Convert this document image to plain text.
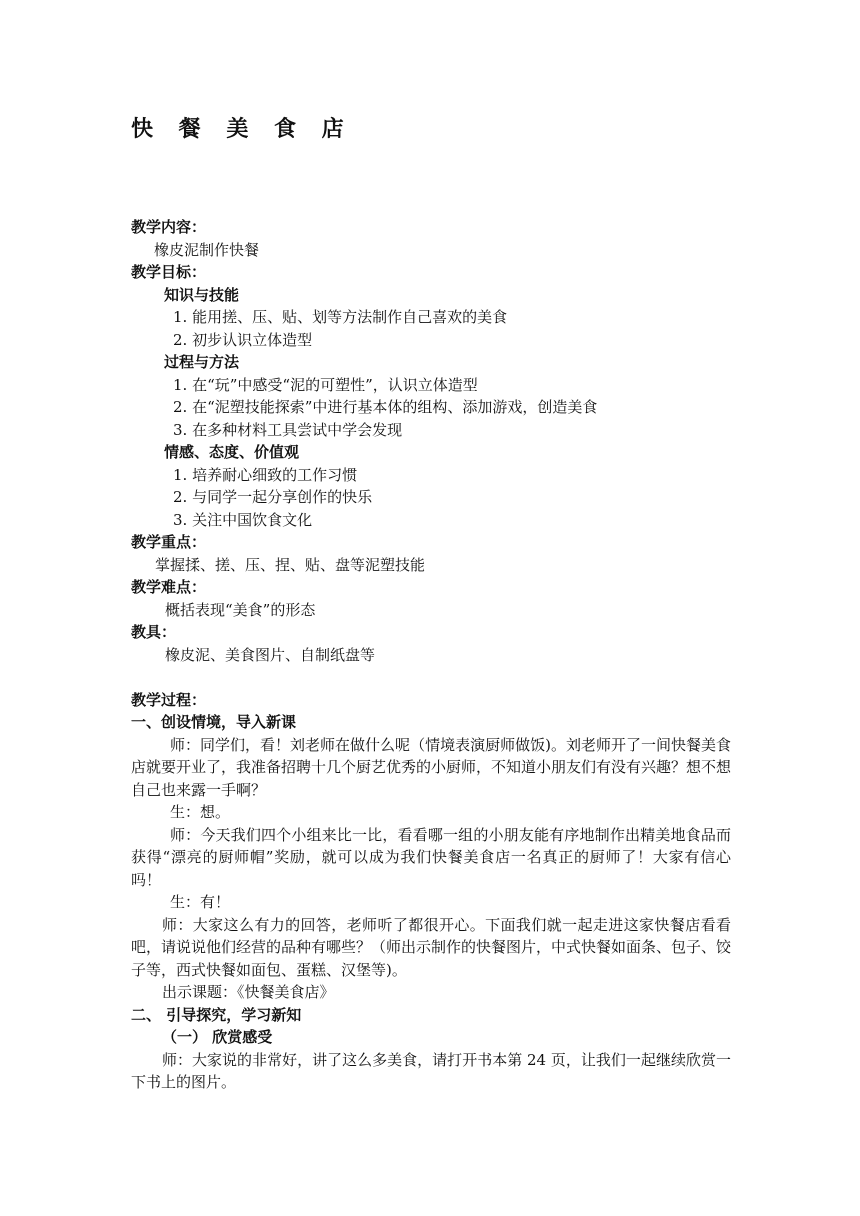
快 餐 美 食 店
教学内容：
橡皮泥制作快餐
教学目标：
知识与技能
1. 能用搓、压、贴、划等方法制作自己喜欢的美食
2. 初步认识立体造型
过程与方法
1. 在“玩”中感受“泥的可塑性”，认识立体造型
2. 在“泥塑技能探索”中进行基本体的组构、添加游戏，创造美食
3. 在多种材料工具尝试中学会发现
情感、态度、价值观
1. 培养耐心细致的工作习惯
2. 与同学一起分享创作的快乐
3. 关注中国饮食文化
教学重点：
掌握揉、搓、压、捏、贴、盘等泥塑技能
教学难点：
概括表现“美食”的形态
教具：
橡皮泥、美食图片、自制纸盘等
教学过程：
一、创设情境，导入新课
师：同学们，看！刘老师在做什么呢（情境表演厨师做饭)。刘老师开了一间快餐美食店就要开业了，我准备招聘十几个厨艺优秀的小厨师，不知道小朋友们有没有兴趣？想不想自己也来露一手啊？
生：想。
师：今天我们四个小组来比一比，看看哪一组的小朋友能有序地制作出精美地食品而获得“漂亮的厨师帽”奖励，就可以成为我们快餐美食店一名真正的厨师了！大家有信心吗！
生：有！
师：大家这么有力的回答，老师听了都很开心。下面我们就一起走进这家快餐店看看吧，请说说他们经营的品种有哪些？（师出示制作的快餐图片，中式快餐如面条、包子、饺子等，西式快餐如面包、蛋糕、汉堡等)。
出示课题：《快餐美食店》
二、 引导探究，学习新知
（一） 欣赏感受
师：大家说的非常好，讲了这么多美食，请打开书本第 24 页，让我们一起继续欣赏一下书上的图片。
